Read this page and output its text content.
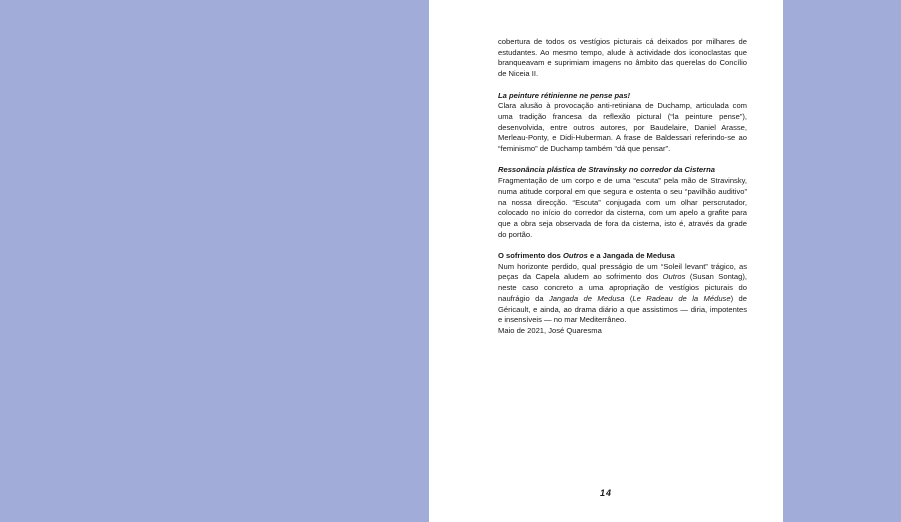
cobertura de todos os vestígios picturais cá deixados por milhares de estudantes. Ao mesmo tempo, alude à actividade dos iconoclastas que branqueavam e suprimiam imagens no âmbito das querelas do Concílio de Niceia II.

La peinture rétinienne ne pense pas!

Clara alusão à provocação anti-retiniana de Duchamp, articulada com uma tradição francesa da reflexão pictural (“la peinture pense”), desenvolvida, entre outros autores, por Baudelaire, Daniel Arasse, Merleau-Ponty, e Didi-Huberman. A frase de Baldessari referindo-se ao “feminismo” de Duchamp também “dá que pensar”.

Ressonância plástica de Stravinsky no corredor da Cisterna

Fragmentação de um corpo e de uma “escuta” pela mão de Stravinsky, numa atitude corporal em que segura e ostenta o seu “pavilhão auditivo” na nossa direcção. “Escuta” conjugada com um olhar perscrutador, colocado no início do corredor da cisterna, com um apelo a grafite para que a obra seja observada de fora da cisterna, isto é, através da grade do portão.

O sofrimento dos Outros e a Jangada de Medusa

Num horizonte perdido, qual presságio de um “Soleil levant” trágico, as peças da Capela aludem ao sofrimento dos Outros (Susan Sontag), neste caso concreto a uma apropriação de vestígios picturais do naufrágio da Jangada de Medusa (Le Radeau de la Méduse) de Géricault, e ainda, ao drama diário a que assistimos — diria, impotentes e insensíveis — no mar Mediterrâneo.

Maio de 2021, José Quaresma

14
